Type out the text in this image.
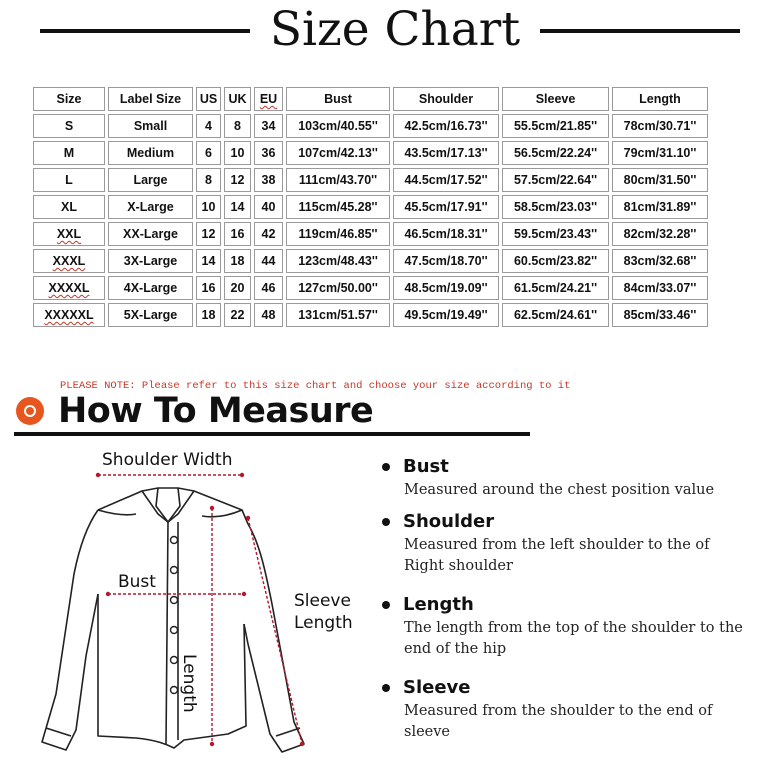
Size Chart
Size	Label Size	US	UK	EU	Bust	Shoulder	Sleeve	Length
S	Small	4	8	34	103cm/40.55''	42.5cm/16.73''	55.5cm/21.85''	78cm/30.71''
M	Medium	6	10	36	107cm/42.13''	43.5cm/17.13''	56.5cm/22.24''	79cm/31.10''
L	Large	8	12	38	111cm/43.70''	44.5cm/17.52''	57.5cm/22.64''	80cm/31.50''
XL	X-Large	10	14	40	115cm/45.28''	45.5cm/17.91''	58.5cm/23.03''	81cm/31.89''
XXL	XX-Large	12	16	42	119cm/46.85''	46.5cm/18.31''	59.5cm/23.43''	82cm/32.28''
XXXL	3X-Large	14	18	44	123cm/48.43''	47.5cm/18.70''	60.5cm/23.82''	83cm/32.68''
XXXXL	4X-Large	16	20	46	127cm/50.00''	48.5cm/19.09''	61.5cm/24.21''	84cm/33.07''
XXXXXL	5X-Large	18	22	48	131cm/51.57''	49.5cm/19.49''	62.5cm/24.61''	85cm/33.46''
PLEASE NOTE: Please refer to this size chart and choose your size according to it
How To Measure
Shoulder Width
Bust
Sleeve
Length
Length
Bust
Measured around the chest position value
Shoulder
Measured from the left shoulder to the of Right shoulder
Length
The length from the top of the shoulder to the end of the hip
Sleeve
Measured from the shoulder to the end of sleeve
